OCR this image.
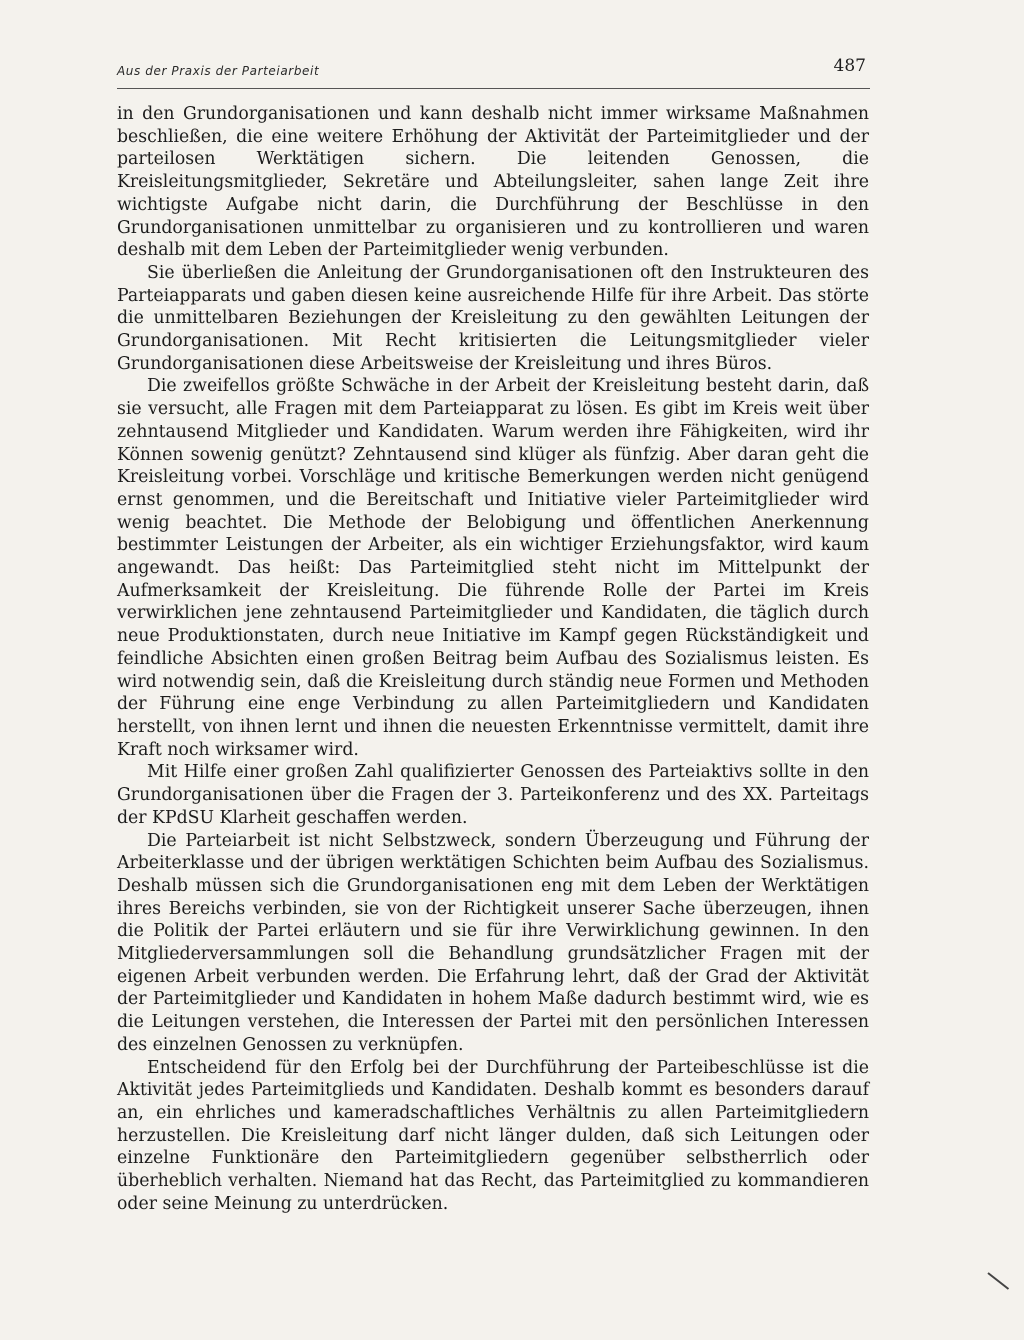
Aus der Praxis der Parteiarbeit	487

in den Grundorganisationen und kann deshalb nicht immer wirksame Maßnahmen beschließen, die eine weitere Erhöhung der Aktivität der Parteimitglieder und der parteilosen Werktätigen sichern. Die leitenden Genossen, die Kreisleitungsmitglieder, Sekretäre und Abteilungsleiter, sahen lange Zeit ihre wichtigste Aufgabe nicht darin, die Durchführung der Beschlüsse in den Grundorganisationen unmittelbar zu organisieren und zu kontrollieren und waren deshalb mit dem Leben der Parteimitglieder wenig verbunden.

Sie überließen die Anleitung der Grundorganisationen oft den Instrukteuren des Parteiapparats und gaben diesen keine ausreichende Hilfe für ihre Arbeit. Das störte die unmittelbaren Beziehungen der Kreisleitung zu den gewählten Leitungen der Grundorganisationen. Mit Recht kritisierten die Leitungsmitglieder vieler Grundorganisationen diese Arbeitsweise der Kreisleitung und ihres Büros.

Die zweifellos größte Schwäche in der Arbeit der Kreisleitung besteht darin, daß sie versucht, alle Fragen mit dem Parteiapparat zu lösen. Es gibt im Kreis weit über zehntausend Mitglieder und Kandidaten. Warum werden ihre Fähigkeiten, wird ihr Können sowenig genützt? Zehntausend sind klüger als fünfzig. Aber daran geht die Kreisleitung vorbei. Vorschläge und kritische Bemerkungen werden nicht genügend ernst genommen, und die Bereitschaft und Initiative vieler Parteimitglieder wird wenig beachtet. Die Methode der Belobigung und öffentlichen Anerkennung bestimmter Leistungen der Arbeiter, als ein wichtiger Erziehungsfaktor, wird kaum angewandt. Das heißt: Das Parteimitglied steht nicht im Mittelpunkt der Aufmerksamkeit der Kreisleitung. Die führende Rolle der Partei im Kreis verwirklichen jene zehntausend Parteimitglieder und Kandidaten, die täglich durch neue Produktionstaten, durch neue Initiative im Kampf gegen Rückständigkeit und feindliche Absichten einen großen Beitrag beim Aufbau des Sozialismus leisten. Es wird notwendig sein, daß die Kreisleitung durch ständig neue Formen und Methoden der Führung eine enge Verbindung zu allen Parteimitgliedern und Kandidaten herstellt, von ihnen lernt und ihnen die neuesten Erkenntnisse vermittelt, damit ihre Kraft noch wirksamer wird.

Mit Hilfe einer großen Zahl qualifizierter Genossen des Parteiaktivs sollte in den Grundorganisationen über die Fragen der 3. Parteikonferenz und des XX. Parteitags der KPdSU Klarheit geschaffen werden.

Die Parteiarbeit ist nicht Selbstzweck, sondern Überzeugung und Führung der Arbeiterklasse und der übrigen werktätigen Schichten beim Aufbau des Sozialismus. Deshalb müssen sich die Grundorganisationen eng mit dem Leben der Werktätigen ihres Bereichs verbinden, sie von der Richtigkeit unserer Sache überzeugen, ihnen die Politik der Partei erläutern und sie für ihre Verwirklichung gewinnen. In den Mitgliederversammlungen soll die Behandlung grundsätzlicher Fragen mit der eigenen Arbeit verbunden werden. Die Erfahrung lehrt, daß der Grad der Aktivität der Parteimitglieder und Kandidaten in hohem Maße dadurch bestimmt wird, wie es die Leitungen verstehen, die Interessen der Partei mit den persönlichen Interessen des einzelnen Genossen zu verknüpfen.

Entscheidend für den Erfolg bei der Durchführung der Parteibeschlüsse ist die Aktivität jedes Parteimitglieds und Kandidaten. Deshalb kommt es besonders darauf an, ein ehrliches und kameradschaftliches Verhältnis zu allen Parteimitgliedern herzustellen. Die Kreisleitung darf nicht länger dulden, daß sich Leitungen oder einzelne Funktionäre den Parteimitgliedern gegenüber selbstherrlich oder überheblich verhalten. Niemand hat das Recht, das Parteimitglied zu kommandieren oder seine Meinung zu unterdrücken.
